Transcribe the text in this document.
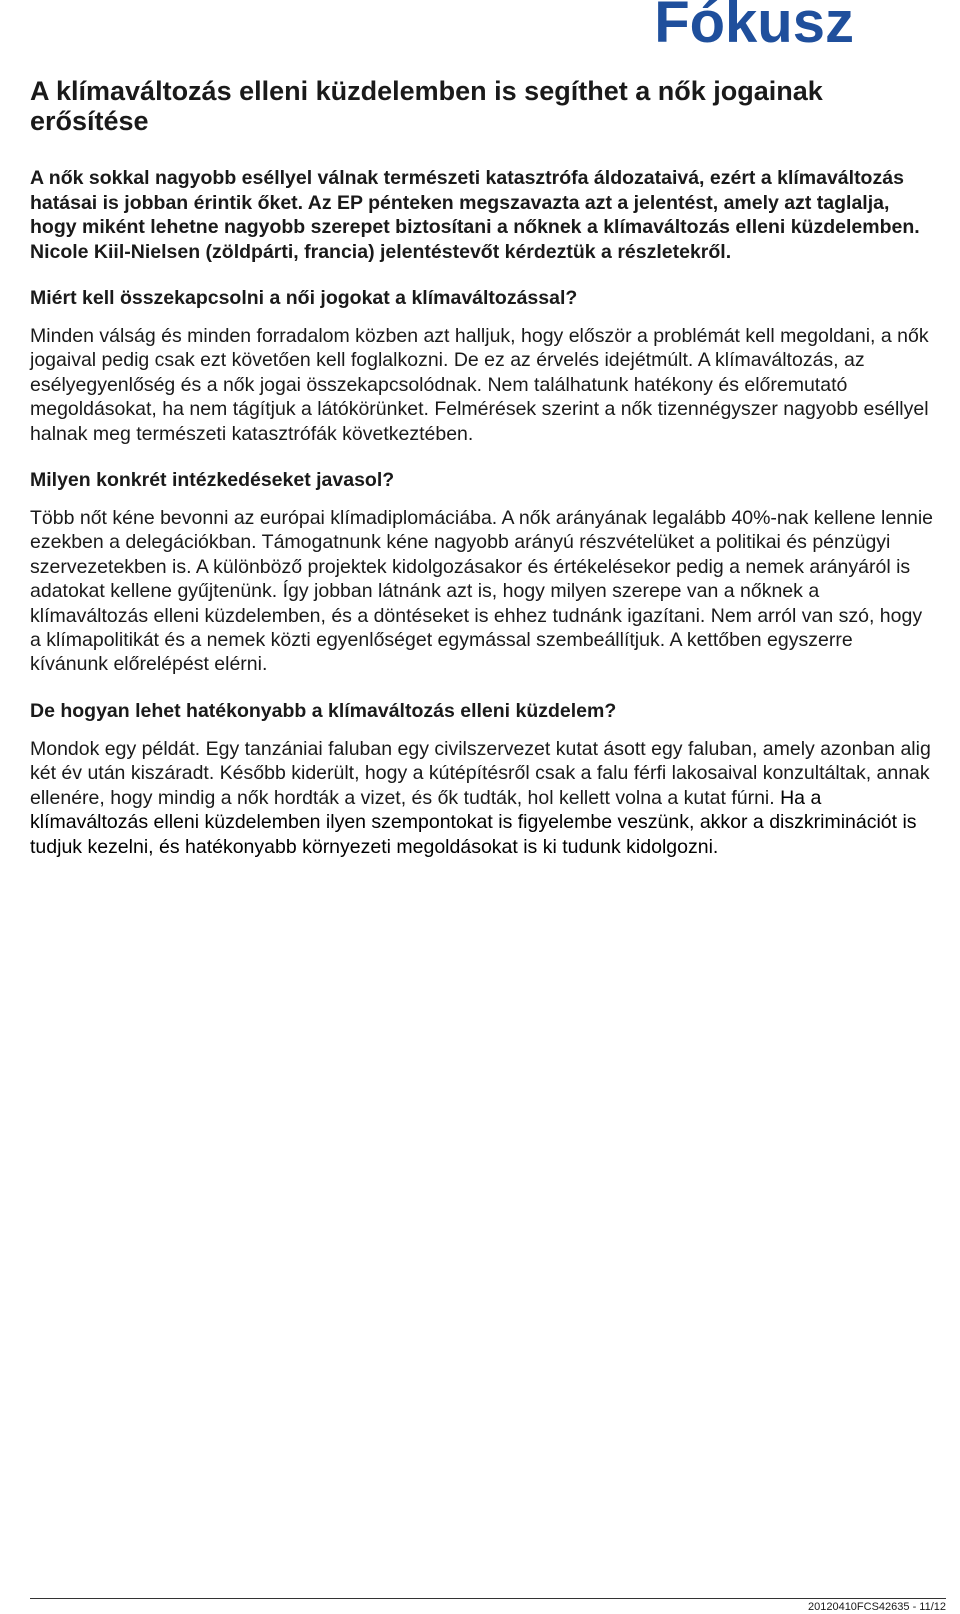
Fókusz
A klímaváltozás elleni küzdelemben is segíthet a nők jogainak erősítése

A nők sokkal nagyobb eséllyel válnak természeti katasztrófa áldozataivá, ezért a klímaváltozás hatásai is jobban érintik őket. Az EP pénteken megszavazta azt a jelentést, amely azt taglalja, hogy miként lehetne nagyobb szerepet biztosítani a nőknek a klímaváltozás elleni küzdelemben. Nicole Kiil-Nielsen (zöldpárti, francia) jelentéstevőt kérdeztük a részletekről.

Miért kell összekapcsolni a női jogokat a klímaváltozással?

Minden válság és minden forradalom közben azt halljuk, hogy először a problémát kell megoldani, a nők jogaival pedig csak ezt követően kell foglalkozni. De ez az érvelés idejétmúlt. A klímaváltozás, az esélyegyenlőség és a nők jogai összekapcsolódnak. Nem találhatunk hatékony és előremutató megoldásokat, ha nem tágítjuk a látókörünket. Felmérések szerint a nők tizennégyszer nagyobb eséllyel halnak meg természeti katasztrófák következtében.

Milyen konkrét intézkedéseket javasol?

Több nőt kéne bevonni az európai klímadiplomáciába. A nők arányának legalább 40%-nak kellene lennie ezekben a delegációkban. Támogatnunk kéne nagyobb arányú részvételüket a politikai és pénzügyi szervezetekben is. A különböző projektek kidolgozásakor és értékelésekor pedig a nemek arányáról is adatokat kellene gyűjtenünk. Így jobban látnánk azt is, hogy milyen szerepe van a nőknek a klímaváltozás elleni küzdelemben, és a döntéseket is ehhez tudnánk igazítani. Nem arról van szó, hogy a klímapolitikát és a nemek közti egyenlőséget egymással szembeállítjuk. A kettőben egyszerre kívánunk előrelépést elérni.

De hogyan lehet hatékonyabb a klímaváltozás elleni küzdelem?

Mondok egy példát. Egy tanzániai faluban egy civilszervezet kutat ásott egy faluban, amely azonban alig két év után kiszáradt. Később kiderült, hogy a kútépítésről csak a falu férfi lakosaival konzultáltak, annak ellenére, hogy mindig a nők hordták a vizet, és ők tudták, hol kellett volna a kutat fúrni. Ha a klímaváltozás elleni küzdelemben ilyen szempontokat is figyelembe veszünk, akkor a diszkriminációt is tudjuk kezelni, és hatékonyabb környezeti megoldásokat is ki tudunk kidolgozni.

20120410FCS42635 - 11/12
